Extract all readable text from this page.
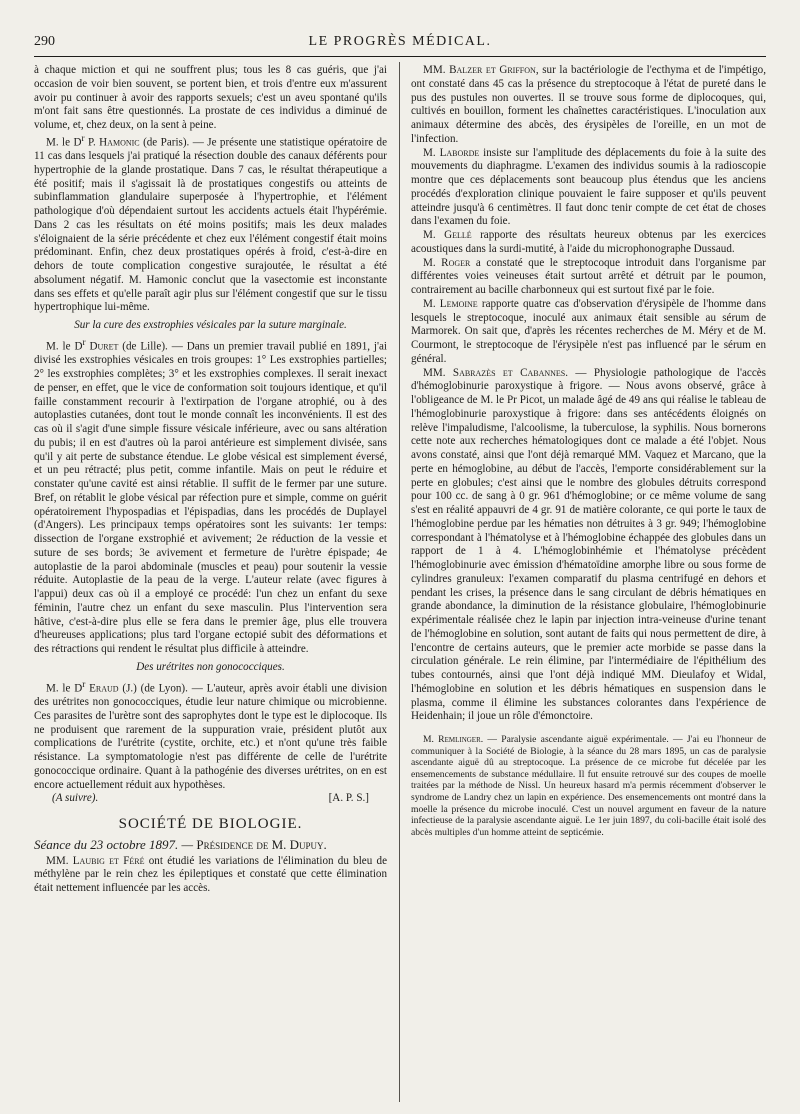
290	LE PROGRÈS MÉDICAL.

à chaque miction et qui ne souffrent plus; tous les 8 cas guéris, que j'ai occasion de voir bien souvent, se portent bien, et trois d'entre eux m'assurent avoir pu continuer à avoir des rapports sexuels; c'est un aveu spontané qu'ils m'ont fait sans être questionnés. La prostate de ces individus a diminué de volume, et, chez deux, on la sent à peine.

M. le $D^r$ P. Hamonic (de Paris). — Je présente une statistique opératoire de 11 cas dans lesquels j'ai pratiqué la résection double des canaux déférents pour hypertrophie de la glande prostatique. Dans 7 cas, le résultat thérapeutique a été positif; mais il s'agissait là de prostatiques congestifs ou atteints de subinflammation glandulaire superposée à l'hypertrophie, et l'élément pathologique d'où dépendaient surtout les accidents actuels était l'hypérémie. Dans 2 cas les résultats on été moins positifs; mais les deux malades s'éloignaient de la série précédente et chez eux l'élément congestif était moins prédominant. Enfin, chez deux prostatiques opérés à froid, c'est-à-dire en dehors de toute complication congestive surajoutée, le résultat a été absolument négatif. M. Hamonic conclut que la vasectomie est inconstante dans ses effets et qu'elle paraît agir plus sur l'élément congestif que sur le tissu hypertrophique lui-même.

Sur la cure des exstrophies vésicales par la suture marginale.

M. le $D^r$ Duret (de Lille). — Dans un premier travail publié en 1891, j'ai divisé les exstrophies vésicales en trois groupes: 1° Les exstrophies partielles; 2° les exstrophies complètes; 3° et les exstrophies complexes. Il serait inexact de penser, en effet, que le vice de conformation soit toujours identique, et qu'il faille constamment recourir à l'extirpation de l'organe atrophié, ou à des autoplasties cutanées, dont tout le monde connaît les inconvénients. Il est des cas où il s'agit d'une simple fissure vésicale inférieure, avec ou sans altération du pubis; il en est d'autres où la paroi antérieure est simplement divisée, sans qu'il y ait perte de substance étendue. Le globe vésical est simplement éversé, et un peu rétracté; plus petit, comme infantile. Mais on peut le réduire et constater qu'une cavité est ainsi rétablie. Il suffit de le fermer par une suture. Bref, on rétablit le globe vésical par réfection pure et simple, comme on guérit opératoirement l'hypospadias et l'épispadias, dans les procédés de Duplayel (d'Angers). Les principaux temps opératoires sont les suivants: 1er temps: dissection de l'organe exstrophié et avivement; 2e réduction de la vessie et suture de ses bords; 3e avivement et fermeture de l'urètre épispade; 4e autoplastie de la paroi abdominale (muscles et peau) pour soutenir la vessie réduite. Autoplastie de la peau de la verge. L'auteur relate (avec figures à l'appui) deux cas où il a employé ce procédé: l'un chez un enfant du sexe féminin, l'autre chez un enfant du sexe masculin. Plus l'intervention sera hâtive, c'est-à-dire plus elle se fera dans le premier âge, plus elle trouvera d'heureuses applications; plus tard l'organe ectopié subit des déformations et des rétractions qui rendent le résultat plus difficile à atteindre.

Des urétrites non gonococciques.

M. le $D^r$ Eraud (J.) (de Lyon). — L'auteur, après avoir établi une division des urétrites non gonococciques, étudie leur nature chimique ou microbienne. Ces parasites de l'urètre sont des saprophytes dont le type est le diplocoque. Ils ne produisent que rarement de la suppuration vraie, président plutôt aux complications de l'urétrite (cystite, orchite, etc.) et n'ont qu'une très faible résistance. La symptomatologie n'est pas différente de celle de l'urétrite gonococcique ordinaire. Quant à la pathogénie des diverses urétrites, on en est encore actuellement réduit aux hypothèses.

(A suivre).	[A. P. S.]

SOCIÉTÉ DE BIOLOGIE.

Séance du 23 octobre 1897. — Présidence de M. Dupuy.

MM. Laubig et Féré ont étudié les variations de l'élimination du bleu de méthylène par le rein chez les épileptiques et constaté que cette élimination était nettement influencée par les accès.

MM. Balzer et Griffon, sur la bactériologie de l'ecthyma et de l'impétigo, ont constaté dans 45 cas la présence du streptocoque à l'état de pureté dans le pus des pustules non ouvertes. Il se trouve sous forme de diplocoques, qui, cultivés en bouillon, forment les chaînettes caractéristiques. L'inoculation aux animaux détermine des abcès, des érysipèles de l'oreille, en un mot de l'infection.

M. Laborde insiste sur l'amplitude des déplacements du foie à la suite des mouvements du diaphragme. L'examen des individus soumis à la radioscopie montre que ces déplacements sont beaucoup plus étendus que les anciens procédés d'exploration clinique pouvaient le faire supposer et qu'ils peuvent atteindre jusqu'à 6 centimètres. Il faut donc tenir compte de cet état de choses dans l'examen du foie.

M. Gellé rapporte des résultats heureux obtenus par les exercices acoustiques dans la surdi-mutité, à l'aide du microphonographe Dussaud.

M. Roger a constaté que le streptocoque introduit dans l'organisme par différentes voies veineuses était surtout arrêté et détruit par le poumon, contrairement au bacille charbonneux qui est surtout fixé par le foie.

M. Lemoine rapporte quatre cas d'observation d'érysipèle de l'homme dans lesquels le streptocoque, inoculé aux animaux était sensible au sérum de Marmorek. On sait que, d'après les récentes recherches de M. Méry et de M. Courmont, le streptocoque de l'érysipèle n'est pas influencé par le sérum en général.

MM. Sabrazès et Cabannes. — Physiologie pathologique de l'accès d'hémoglobinurie paroxystique à frigore. — Nous avons observé, grâce à l'obligeance de M. le Pr Picot, un malade âgé de 49 ans qui réalise le tableau de l'hémoglobinurie paroxystique à frigore: dans ses antécédents éloignés on relève l'impaludisme, l'alcoolisme, la tuberculose, la syphilis. Nous bornerons cette note aux recherches hématologiques dont ce malade a été l'objet. Nous avons constaté, ainsi que l'ont déjà remarqué MM. Vaquez et Marcano, que la perte en hémoglobine, au début de l'accès, l'emporte considérablement sur la perte en globules; c'est ainsi que le nombre des globules détruits correspond pour 100 cc. de sang à 0 gr. 961 d'hémoglobine; or ce même volume de sang s'est en réalité appauvri de 4 gr. 91 de matière colorante, ce qui porte le taux de l'hémoglobine perdue par les hématies non détruites à 3 gr. 949; l'hémoglobine correspondant à l'hématolyse et à l'hémoglobine échappée des globules dans un rapport de 1 à 4. L'hémoglobinhémie et l'hématolyse précèdent l'hémoglobinurie avec émission d'hématoïdine amorphe libre ou sous forme de cylindres granuleux: l'examen comparatif du plasma centrifugé en dehors et pendant les crises, la présence dans le sang circulant de débris hématiques en grande abondance, la diminution de la résistance globulaire, l'hémoglobinurie expérimentale réalisée chez le lapin par injection intra-veineuse d'urine tenant de l'hémoglobine en solution, sont autant de faits qui nous permettent de dire, à l'encontre de certains auteurs, que le premier acte morbide se passe dans la circulation générale. Le rein élimine, par l'intermédiaire de l'épithélium des tubes contournés, ainsi que l'ont déjà indiqué MM. Dieulafoy et Widal, l'hémoglobine en solution et les débris hématiques en suspension dans le plasma, comme il élimine les substances colorantes dans l'expérience de Heidenhain; il joue un rôle d'émonctoire.

M. Remlinger. — Paralysie ascendante aiguë expérimentale. — J'ai eu l'honneur de communiquer à la Société de Biologie, à la séance du 28 mars 1895, un cas de paralysie ascendante aiguë dû au streptocoque. La présence de ce microbe fut décelée par les ensemencements de substance médullaire. Il fut ensuite retrouvé sur des coupes de moelle traitées par la méthode de Nissl. Un heureux hasard m'a permis récemment d'observer le syndrome de Landry chez un lapin en expérience. Des ensemencements ont montré dans la moelle la présence du microbe inoculé. C'est un nouvel argument en faveur de la nature infectieuse de la paralysie ascendante aiguë. Le 1er juin 1897, du coli-bacille était isolé des abcès multiples d'un homme atteint de septicémie.
